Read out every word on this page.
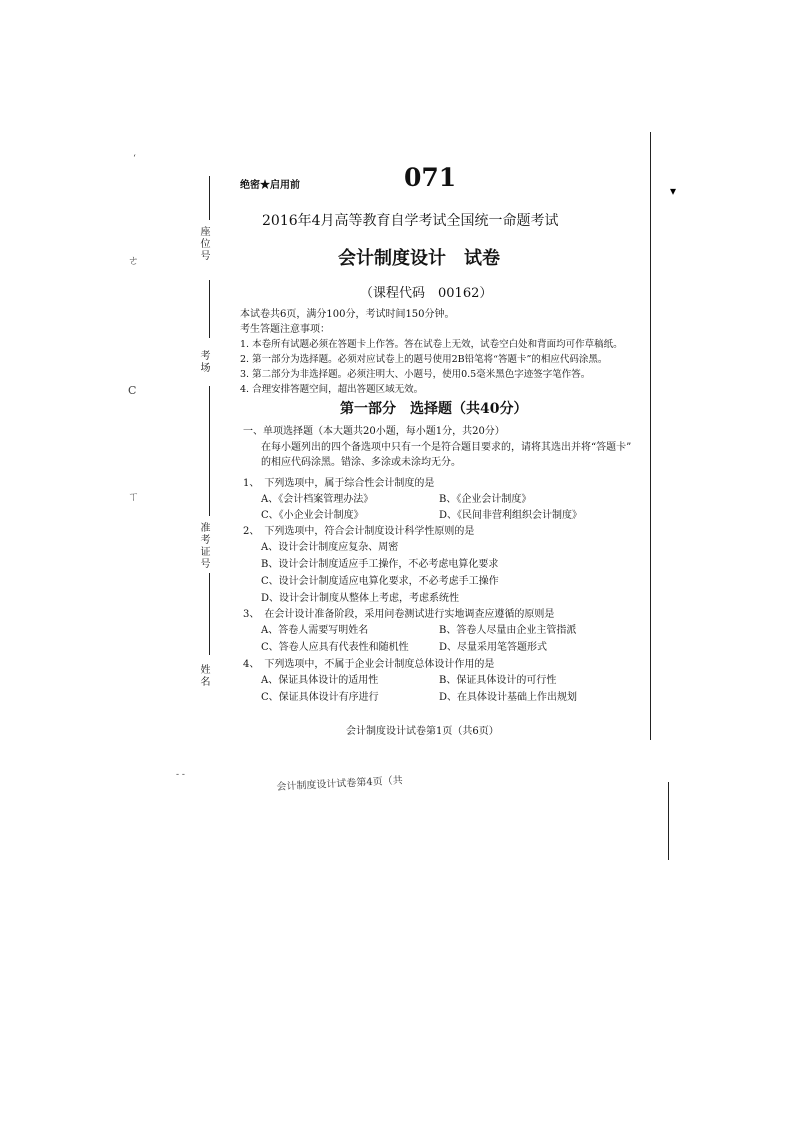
‘
ㄜ
C
ㄒ
▾
- -
座位号
考场
准考证号
姓名
绝密★启用前	071
2016年4月高等教育自学考试全国统一命题考试
会计制度设计　试卷
（课程代码　00162）
本试卷共6页，满分100分，考试时间150分钟。
考生答题注意事项：
1. 本卷所有试题必须在答题卡上作答。答在试卷上无效，试卷空白处和背面均可作草稿纸。
2. 第一部分为选择题。必须对应试卷上的题号使用2B铅笔将“答题卡”的相应代码涂黑。
3. 第二部分为非选择题。必须注明大、小题号，使用0.5毫米黑色字迹签字笔作答。
4. 合理安排答题空间，超出答题区域无效。
第一部分　选择题（共40分）
一、单项选择题（本大题共20小题，每小题1分，共20分）
在每小题列出的四个备选项中只有一个是符合题目要求的，请将其选出并将“答题卡”
的相应代码涂黑。错涂、多涂或未涂均无分。
1、　下列选项中，属于综合性会计制度的是
A、《会计档案管理办法》	B、《企业会计制度》
C、《小企业会计制度》	D、《民间非营利组织会计制度》
2、　下列选项中，符合会计制度设计科学性原则的是
A、设计会计制度应复杂、周密
B、设计会计制度适应手工操作，不必考虑电算化要求
C、设计会计制度适应电算化要求，不必考虑手工操作
D、设计会计制度从整体上考虑，考虑系统性
3、　在会计设计准备阶段，采用问卷测试进行实地调查应遵循的原则是
A、答卷人需要写明姓名	B、答卷人尽量由企业主管指派
C、答卷人应具有代表性和随机性	D、尽量采用笔答题形式
4、　下列选项中，不属于企业会计制度总体设计作用的是
A、保证具体设计的适用性	B、保证具体设计的可行性
C、保证具体设计有序进行	D、在具体设计基础上作出规划
会计制度设计试卷第1页（共6页）
会计制度设计试卷第4页（共
